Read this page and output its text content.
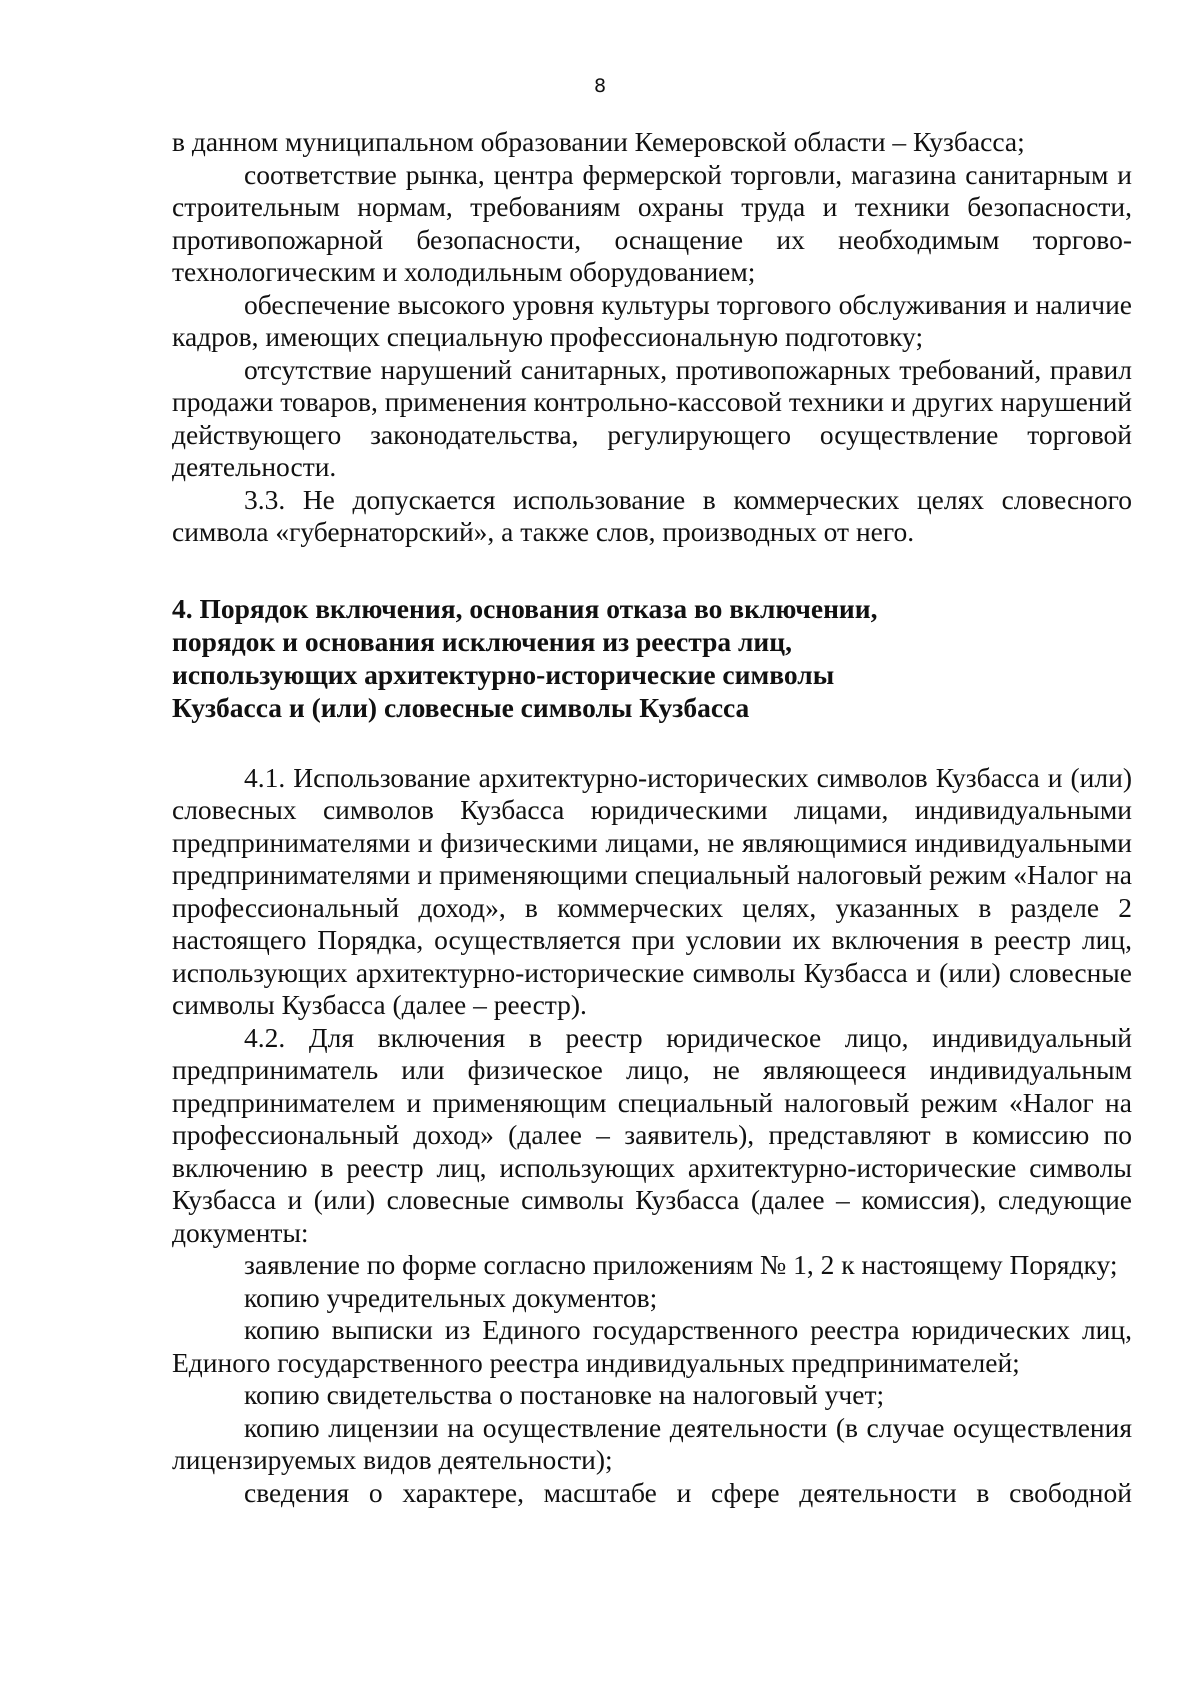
8

в данном муниципальном образовании Кемеровской области – Кузбасса;

соответствие рынка, центра фермерской торговли, магазина санитарным и строительным нормам, требованиям охраны труда и техники безопасности, противопожарной безопасности, оснащение их необходимым торгово-технологическим и холодильным оборудованием;

обеспечение высокого уровня культуры торгового обслуживания и наличие кадров, имеющих специальную профессиональную подготовку;

отсутствие нарушений санитарных, противопожарных требований, правил продажи товаров, применения контрольно-кассовой техники и других нарушений действующего законодательства, регулирующего осуществление торговой деятельности.

3.3. Не допускается использование в коммерческих целях словесного символа «губернаторский», а также слов, производных от него.

4. Порядок включения, основания отказа во включении,
порядок и основания исключения из реестра лиц,
использующих архитектурно-исторические символы
Кузбасса и (или) словесные символы Кузбасса

4.1. Использование архитектурно-исторических символов Кузбасса и (или) словесных символов Кузбасса юридическими лицами, индивидуальными предпринимателями и физическими лицами, не являющимися индивидуальными предпринимателями и применяющими специальный налоговый режим «Налог на профессиональный доход», в коммерческих целях, указанных в разделе 2 настоящего Порядка, осуществляется при условии их включения в реестр лиц, использующих архитектурно-исторические символы Кузбасса и (или) словесные символы Кузбасса (далее – реестр).

4.2. Для включения в реестр юридическое лицо, индивидуальный предприниматель или физическое лицо, не являющееся индивидуальным предпринимателем и применяющим специальный налоговый режим «Налог на профессиональный доход» (далее – заявитель), представляют в комиссию по включению в реестр лиц, использующих архитектурно-исторические символы Кузбасса и (или) словесные символы Кузбасса (далее – комиссия), следующие документы:

заявление по форме согласно приложениям № 1, 2 к настоящему Порядку;

копию учредительных документов;

копию выписки из Единого государственного реестра юридических лиц, Единого государственного реестра индивидуальных предпринимателей;

копию свидетельства о постановке на налоговый учет;

копию лицензии на осуществление деятельности (в случае осуществления лицензируемых видов деятельности);

сведения о характере, масштабе и сфере деятельности в свободной
